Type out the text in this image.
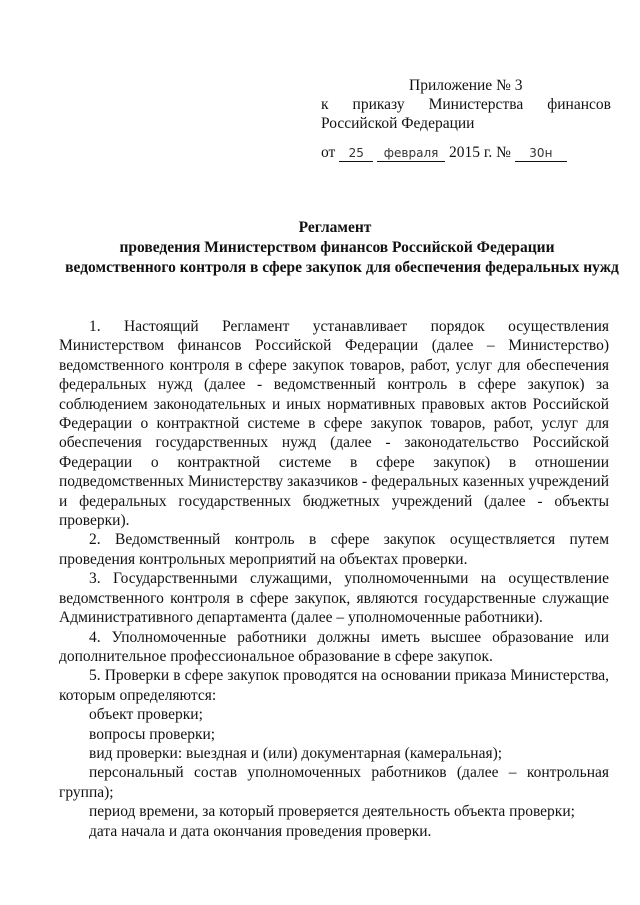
Приложение № 3
к приказу Министерства финансов
Российской Федерации
от 25 февраля 2015 г. № 30н
Регламент
проведения Министерством финансов Российской Федерации
ведомственного контроля в сфере закупок для обеспечения федеральных нужд

1. Настоящий Регламент устанавливает порядок осуществления Министерством финансов Российской Федерации (далее – Министерство) ведомственного контроля в сфере закупок товаров, работ, услуг для обеспечения федеральных нужд (далее - ведомственный контроль в сфере закупок) за соблюдением законодательных и иных нормативных правовых актов Российской Федерации о контрактной системе в сфере закупок товаров, работ, услуг для обеспечения государственных нужд (далее - законодательство Российской Федерации о контрактной системе в сфере закупок) в отношении подведомственных Министерству заказчиков - федеральных казенных учреждений и федеральных государственных бюджетных учреждений (далее - объекты проверки).

2. Ведомственный контроль в сфере закупок осуществляется путем проведения контрольных мероприятий на объектах проверки.

3. Государственными служащими, уполномоченными на осуществление ведомственного контроля в сфере закупок, являются государственные служащие Административного департамента (далее – уполномоченные работники).

4. Уполномоченные работники должны иметь высшее образование или дополнительное профессиональное образование в сфере закупок.

5. Проверки в сфере закупок проводятся на основании приказа Министерства, которым определяются:

объект проверки;

вопросы проверки;

вид проверки: выездная и (или) документарная (камеральная);

персональный состав уполномоченных работников (далее – контрольная группа);

период времени, за который проверяется деятельность объекта проверки;

дата начала и дата окончания проведения проверки.
